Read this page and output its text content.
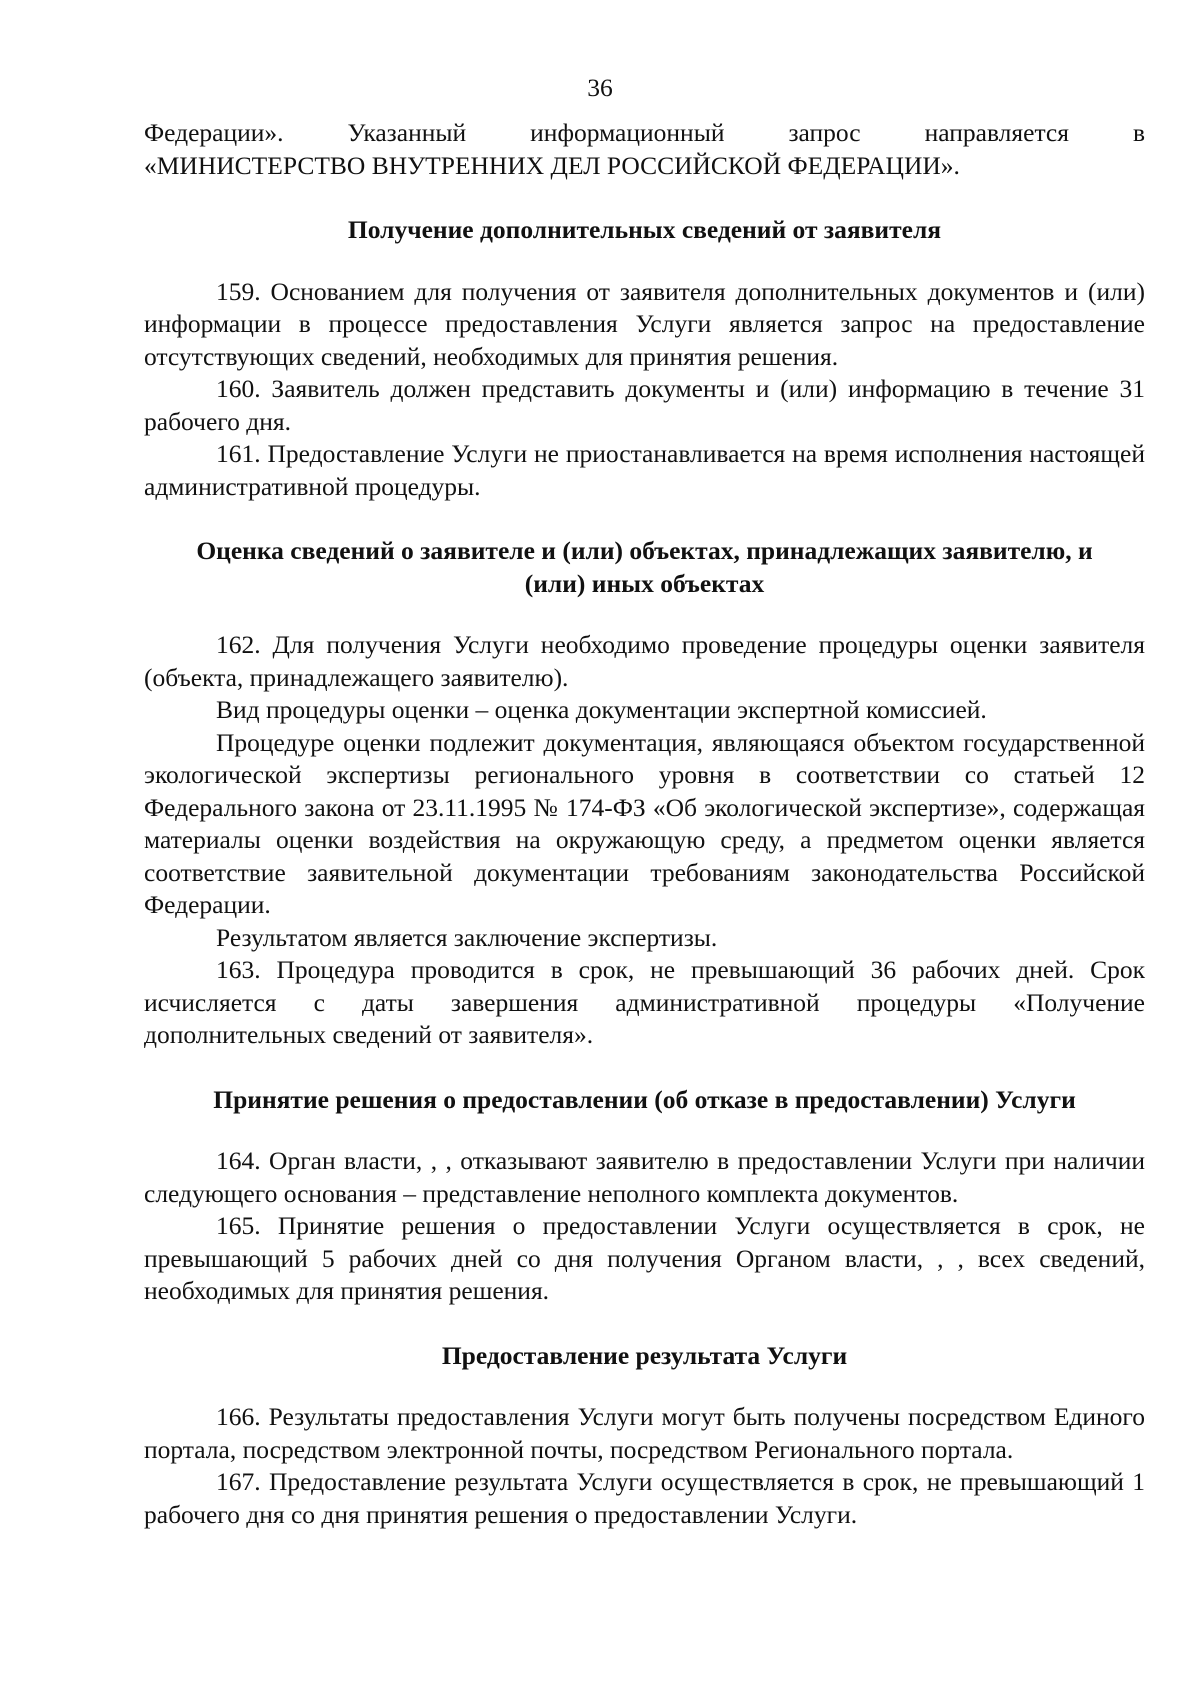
36

Федерации». Указанный информационный запрос направляется в

«МИНИСТЕРСТВО ВНУТРЕННИХ ДЕЛ РОССИЙСКОЙ ФЕДЕРАЦИИ».

Получение дополнительных сведений от заявителя

159. Основанием для получения от заявителя дополнительных документов и (или) информации в процессе предоставления Услуги является запрос на предоставление отсутствующих сведений, необходимых для принятия решения.

160. Заявитель должен представить документы и (или) информацию в течение 31 рабочего дня.

161. Предоставление Услуги не приостанавливается на время исполнения настоящей административной процедуры.

Оценка сведений о заявителе и (или) объектах, принадлежащих заявителю, и

(или) иных объектах

162. Для получения Услуги необходимо проведение процедуры оценки заявителя (объекта, принадлежащего заявителю).

Вид процедуры оценки – оценка документации экспертной комиссией.

Процедуре оценки подлежит документация, являющаяся объектом государственной экологической экспертизы регионального уровня в соответствии со статьей 12 Федерального закона от 23.11.1995 № 174-ФЗ «Об экологической экспертизе», содержащая материалы оценки воздействия на окружающую среду, а предметом оценки является соответствие заявительной документации требованиям законодательства Российской Федерации.

Результатом является заключение экспертизы.

163. Процедура проводится в срок, не превышающий 36 рабочих дней. Срок исчисляется с даты завершения административной процедуры «Получение дополнительных сведений от заявителя».

Принятие решения о предоставлении (об отказе в предоставлении) Услуги

164. Орган власти, , , отказывают заявителю в предоставлении Услуги при наличии следующего основания – представление неполного комплекта документов.

165. Принятие решения о предоставлении Услуги осуществляется в срок, не превышающий 5 рабочих дней со дня получения Органом власти, , , всех сведений, необходимых для принятия решения.

Предоставление результата Услуги

166. Результаты предоставления Услуги могут быть получены посредством Единого портала, посредством электронной почты, посредством Регионального портала.

167. Предоставление результата Услуги осуществляется в срок, не превышающий 1 рабочего дня со дня принятия решения о предоставлении Услуги.
